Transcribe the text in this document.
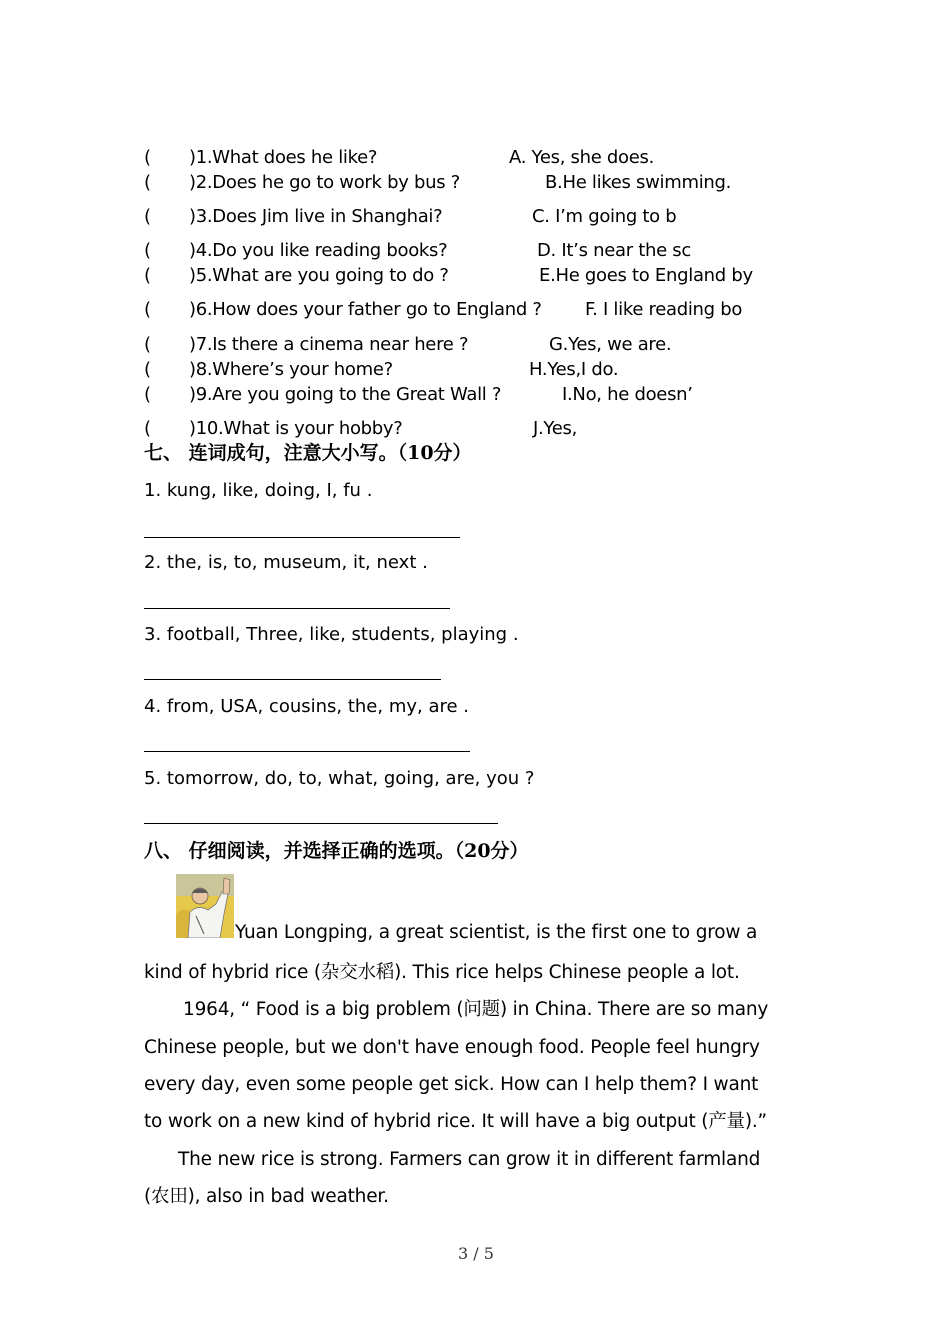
( )1.What does he like?	A. Yes, she does.
( )2.Does he go to work by bus ?	B.He likes swimming.
( )3.Does Jim live in Shanghai?	C. I’m going to b
( )4.Do you like reading books?	D. It’s near the sc
( )5.What are you going to do ?	E.He goes to England by
( )6.How does your father go to England ? F. I like reading bo
( )7.Is there a cinema near here ?	G.Yes, we are.
( )8.Where’s your home?	H.Yes,I do.
( )9.Are you going to the Great Wall ?	I.No, he doesn’
( )10.What is your hobby?	J.Yes,
七、 连词成句，注意大小写。（10分）
1. kung, like, doing, I, fu .
2. the, is, to, museum, it, next .
3. football, Three, like, students, playing .
4. from, USA, cousins, the, my, are .
5. tomorrow, do, to, what, going, are, you ?
八、 仔细阅读，并选择正确的选项。（20分）
Yuan Longping, a great scientist, is the first one to grow a
kind of hybrid rice (杂交水稻). This rice helps Chinese people a lot.
1964, “ Food is a big problem (问题) in China. There are so many
Chinese people, but we don't have enough food. People feel hungry
every day, even some people get sick. How can I help them? I want
to work on a new kind of hybrid rice. It will have a big output (产量).”
The new rice is strong. Farmers can grow it in different farmland
(农田), also in bad weather.
3 / 5
